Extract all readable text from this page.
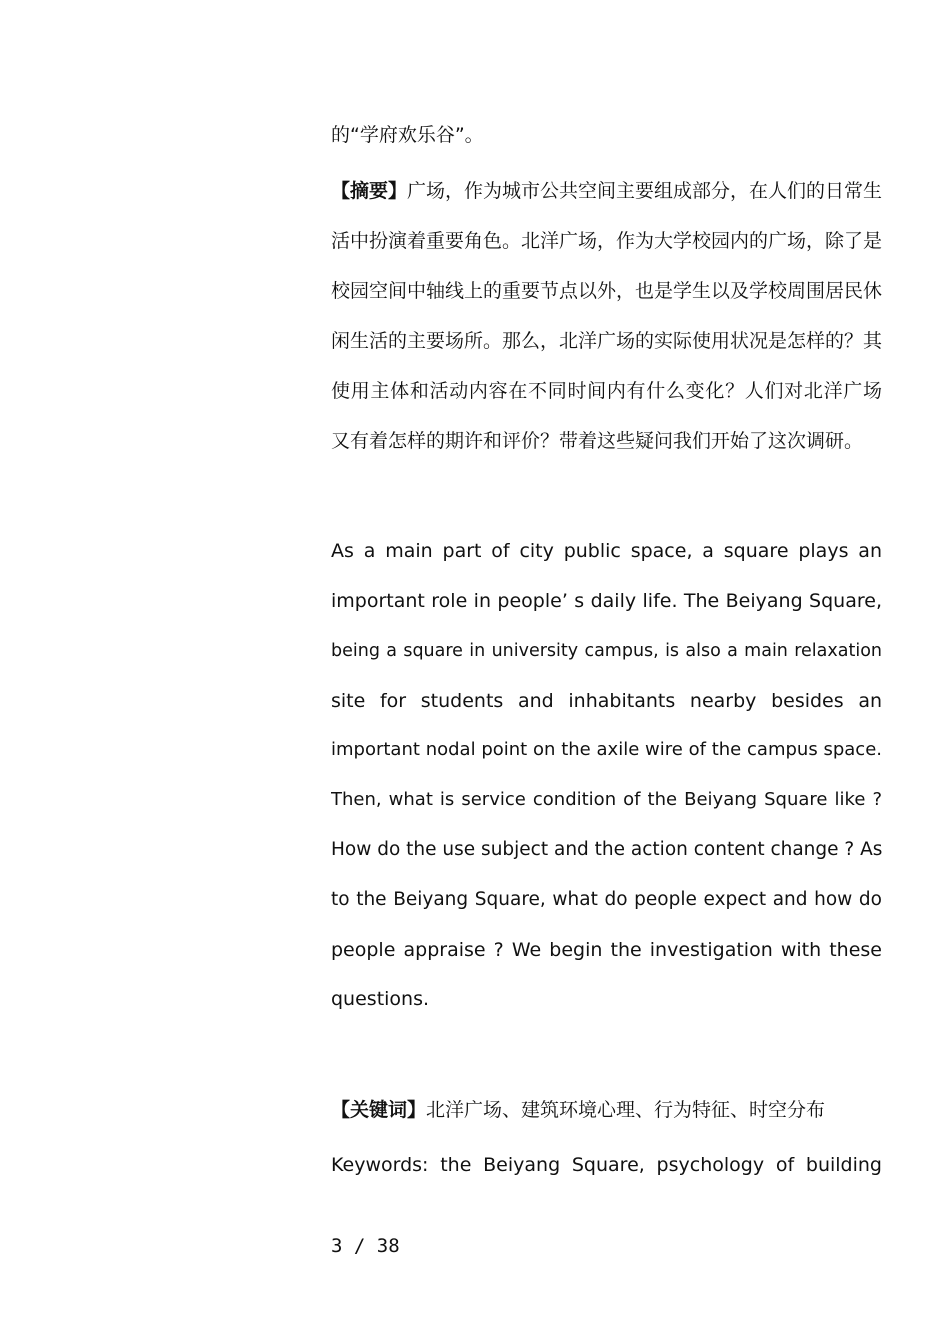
的“学府欢乐谷”。
【摘要】广场，作为城市公共空间主要组成部分，在人们的日常生
活中扮演着重要角色。北洋广场，作为大学校园内的广场，除了是
校园空间中轴线上的重要节点以外，也是学生以及学校周围居民休
闲生活的主要场所。那么，北洋广场的实际使用状况是怎样的？其
使用主体和活动内容在不同时间内有什么变化？人们对北洋广场
又有着怎样的期许和评价？带着这些疑问我们开始了这次调研。
As a main part of city public space, a square plays an
important role in people’ s daily life. The Beiyang Square,
being a square in university campus, is also a main relaxation
site for students and inhabitants nearby besides an
important nodal point on the axile wire of the campus space.
Then, what is service condition of the Beiyang Square like ?
How do the use subject and the action content change ? As
to the Beiyang Square, what do people expect and how do
people appraise ? We begin the investigation with these
questions.
【关键词】北洋广场、建筑环境心理、行为特征、时空分布
Keywords: the Beiyang Square, psychology of building
3 / 38
